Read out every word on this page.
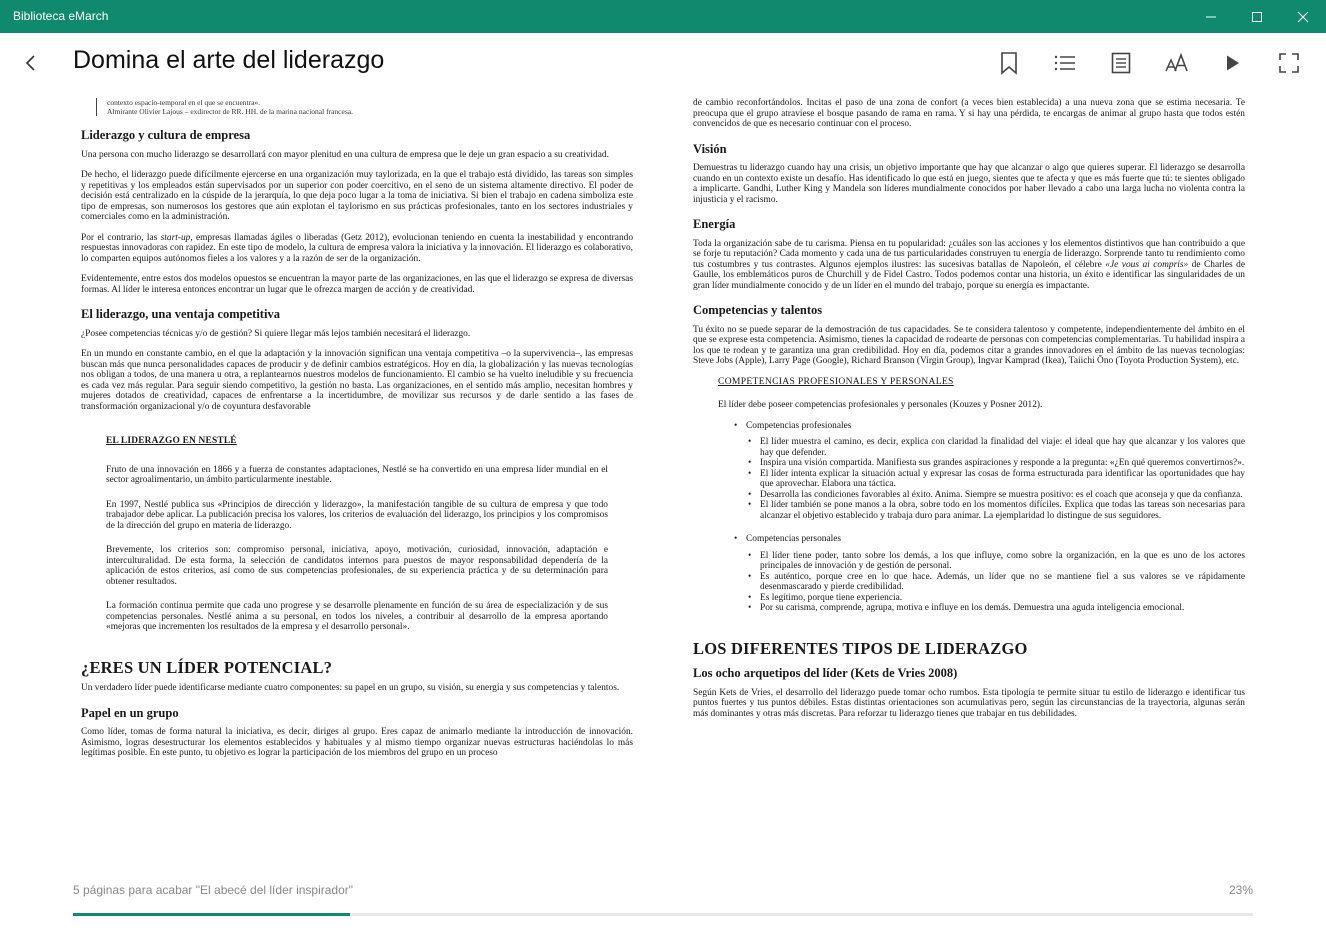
Biblioteca eMarch
Domina el arte del liderazgo
contexto espacio-temporal en el que se encuentra».
Almirante Olivier Lajous – exdirector de RR. HH. de la marina nacional francesa.
Liderazgo y cultura de empresa

Una persona con mucho liderazgo se desarrollará con mayor plenitud en una cultura de empresa que le deje un gran espacio a su creatividad.

De hecho, el liderazgo puede difícilmente ejercerse en una organización muy taylorizada, en la que el trabajo está dividido, las tareas son simples y repetitivas y los empleados están supervisados por un superior con poder coercitivo, en el seno de un sistema altamente directivo. El poder de decisión está centralizado en la cúspide de la jerarquía, lo que deja poco lugar a la toma de iniciativa. Si bien el trabajo en cadena simboliza este tipo de empresas, son numerosos los gestores que aún explotan el taylorismo en sus prácticas profesionales, tanto en los sectores industriales y comerciales como en la administración.

Por el contrario, las start-up, empresas llamadas ágiles o liberadas (Getz 2012), evolucionan teniendo en cuenta la inestabilidad y encontrando respuestas innovadoras con rapidez. En este tipo de modelo, la cultura de empresa valora la iniciativa y la innovación. El liderazgo es colaborativo, lo comparten equipos autónomos fieles a los valores y a la razón de ser de la organización.

Evidentemente, entre estos dos modelos opuestos se encuentran la mayor parte de las organizaciones, en las que el liderazgo se expresa de diversas formas. Al líder le interesa entonces encontrar un lugar que le ofrezca margen de acción y de creatividad.

El liderazgo, una ventaja competitiva

¿Posee competencias técnicas y/o de gestión? Si quiere llegar más lejos también necesitará el liderazgo.

En un mundo en constante cambio, en el que la adaptación y la innovación significan una ventaja competitiva –o la supervivencia–, las empresas buscan más que nunca personalidades capaces de producir y de definir cambios estratégicos. Hoy en día, la globalización y las nuevas tecnologías nos obligan a todos, de una manera u otra, a replantearnos nuestros modelos de funcionamiento. El cambio se ha vuelto ineludible y su frecuencia es cada vez más regular. Para seguir siendo competitivo, la gestión no basta. Las organizaciones, en el sentido más amplio, necesitan hombres y mujeres dotados de creatividad, capaces de enfrentarse a la incertidumbre, de movilizar sus recursos y de darle sentido a las fases de transformación organizacional y/o de coyuntura desfavorable

EL LIDERAZGO EN NESTLÉ

Fruto de una innovación en 1866 y a fuerza de constantes adaptaciones, Nestlé se ha convertido en una empresa líder mundial en el sector agroalimentario, un ámbito particularmente inestable.

En 1997, Nestlé publica sus «Principios de dirección y liderazgo», la manifestación tangible de su cultura de empresa y que todo trabajador debe aplicar. La publicación precisa los valores, los criterios de evaluación del liderazgo, los principios y los compromisos de la dirección del grupo en materia de liderazgo.

Brevemente, los criterios son: compromiso personal, iniciativa, apoyo, motivación, curiosidad, innovación, adaptación e interculturalidad. De esta forma, la selección de candidatos internos para puestos de mayor responsabilidad dependería de la aplicación de estos criterios, así como de sus competencias profesionales, de su experiencia práctica y de su determinación para obtener resultados.

La formación continua permite que cada uno progrese y se desarrolle plenamente en función de su área de especialización y de sus competencias personales. Nestlé anima a su personal, en todos los niveles, a contribuir al desarrollo de la empresa aportando «mejoras que incrementen los resultados de la empresa y el desarrollo personal».

¿ERES UN LÍDER POTENCIAL?

Un verdadero líder puede identificarse mediante cuatro componentes: su papel en un grupo, su visión, su energía y sus competencias y talentos.

Papel en un grupo

Como líder, tomas de forma natural la iniciativa, es decir, diriges al grupo. Eres capaz de animarlo mediante la introducción de innovación. Asimismo, logras desestructurar los elementos establecidos y habituales y al mismo tiempo organizar nuevas estructuras haciéndolas lo más legítimas posible. En este punto, tu objetivo es lograr la participación de los miembros del grupo en un proceso

de cambio reconfortándolos. Incitas el paso de una zona de confort (a veces bien establecida) a una nueva zona que se estima necesaria. Te preocupa que el grupo atraviese el bosque pasando de rama en rama. Y si hay una pérdida, te encargas de animar al grupo hasta que todos estén convencidos de que es necesario continuar con el proceso.

Visión

Demuestras tu liderazgo cuando hay una crisis, un objetivo importante que hay que alcanzar o algo que quieres superar. El liderazgo se desarrolla cuando en un contexto existe un desafío. Has identificado lo que está en juego, sientes que te afecta y que es más fuerte que tú: te sientes obligado a implicarte. Gandhi, Luther King y Mandela son líderes mundialmente conocidos por haber llevado a cabo una larga lucha no violenta contra la injusticia y el racismo.

Energía

Toda la organización sabe de tu carisma. Piensa en tu popularidad: ¿cuáles son las acciones y los elementos distintivos que han contribuido a que se forje tu reputación? Cada momento y cada una de tus particularidades construyen tu energía de liderazgo. Sorprende tanto tu rendimiento como tus costumbres y tus contrastes. Algunos ejemplos ilustres: las sucesivas batallas de Napoleón, el célebre «Je vous ai compris» de Charles de Gaulle, los emblemáticos puros de Churchill y de Fidel Castro. Todos podemos contar una historia, un éxito e identificar las singularidades de un gran líder mundialmente conocido y de un líder en el mundo del trabajo, porque su energía es impactante.

Competencias y talentos

Tu éxito no se puede separar de la demostración de tus capacidades. Se te considera talentoso y competente, independientemente del ámbito en el que se exprese esta competencia. Asimismo, tienes la capacidad de rodearte de personas con competencias complementarias. Tu habilidad inspira a los que te rodean y te garantiza una gran credibilidad. Hoy en día, podemos citar a grandes innovadores en el ámbito de las nuevas tecnologías: Steve Jobs (Apple), Larry Page (Google), Richard Branson (Virgin Group), Ingvar Kamprad (Ikea), Taiichi Ōno (Toyota Production System), etc.

COMPETENCIAS PROFESIONALES Y PERSONALES

El líder debe poseer competencias profesionales y personales (Kouzes y Posner 2012).

• Competencias profesionales
• El líder muestra el camino, es decir, explica con claridad la finalidad del viaje: el ideal que hay que alcanzar y los valores que hay que defender.
• Inspira una visión compartida. Manifiesta sus grandes aspiraciones y responde a la pregunta: «¿En qué queremos convertirnos?».
• El líder intenta explicar la situación actual y expresar las cosas de forma estructurada para identificar las oportunidades que hay que aprovechar. Elabora una táctica.
• Desarrolla las condiciones favorables al éxito. Anima. Siempre se muestra positivo: es el coach que aconseja y que da confianza.
• El líder también se pone manos a la obra, sobre todo en los momentos difíciles. Explica que todas las tareas son necesarias para alcanzar el objetivo establecido y trabaja duro para animar. La ejemplaridad lo distingue de sus seguidores.
• Competencias personales
• El líder tiene poder, tanto sobre los demás, a los que influye, como sobre la organización, en la que es uno de los actores principales de innovación y de gestión de personal.
• Es auténtico, porque cree en lo que hace. Además, un líder que no se mantiene fiel a sus valores se ve rápidamente desenmascarado y pierde credibilidad.
• Es legítimo, porque tiene experiencia.
• Por su carisma, comprende, agrupa, motiva e influye en los demás. Demuestra una aguda inteligencia emocional.
LOS DIFERENTES TIPOS DE LIDERAZGO
Los ocho arquetipos del líder (Kets de Vries 2008)

Según Kets de Vries, el desarrollo del liderazgo puede tomar ocho rumbos. Esta tipología te permite situar tu estilo de liderazgo e identificar tus puntos fuertes y tus puntos débiles. Estas distintas orientaciones son acumulativas pero, según las circunstancias de la trayectoria, algunas serán más dominantes y otras más discretas. Para reforzar tu liderazgo tienes que trabajar en tus debilidades.

5 páginas para acabar "El abecé del líder inspirador"	23%
